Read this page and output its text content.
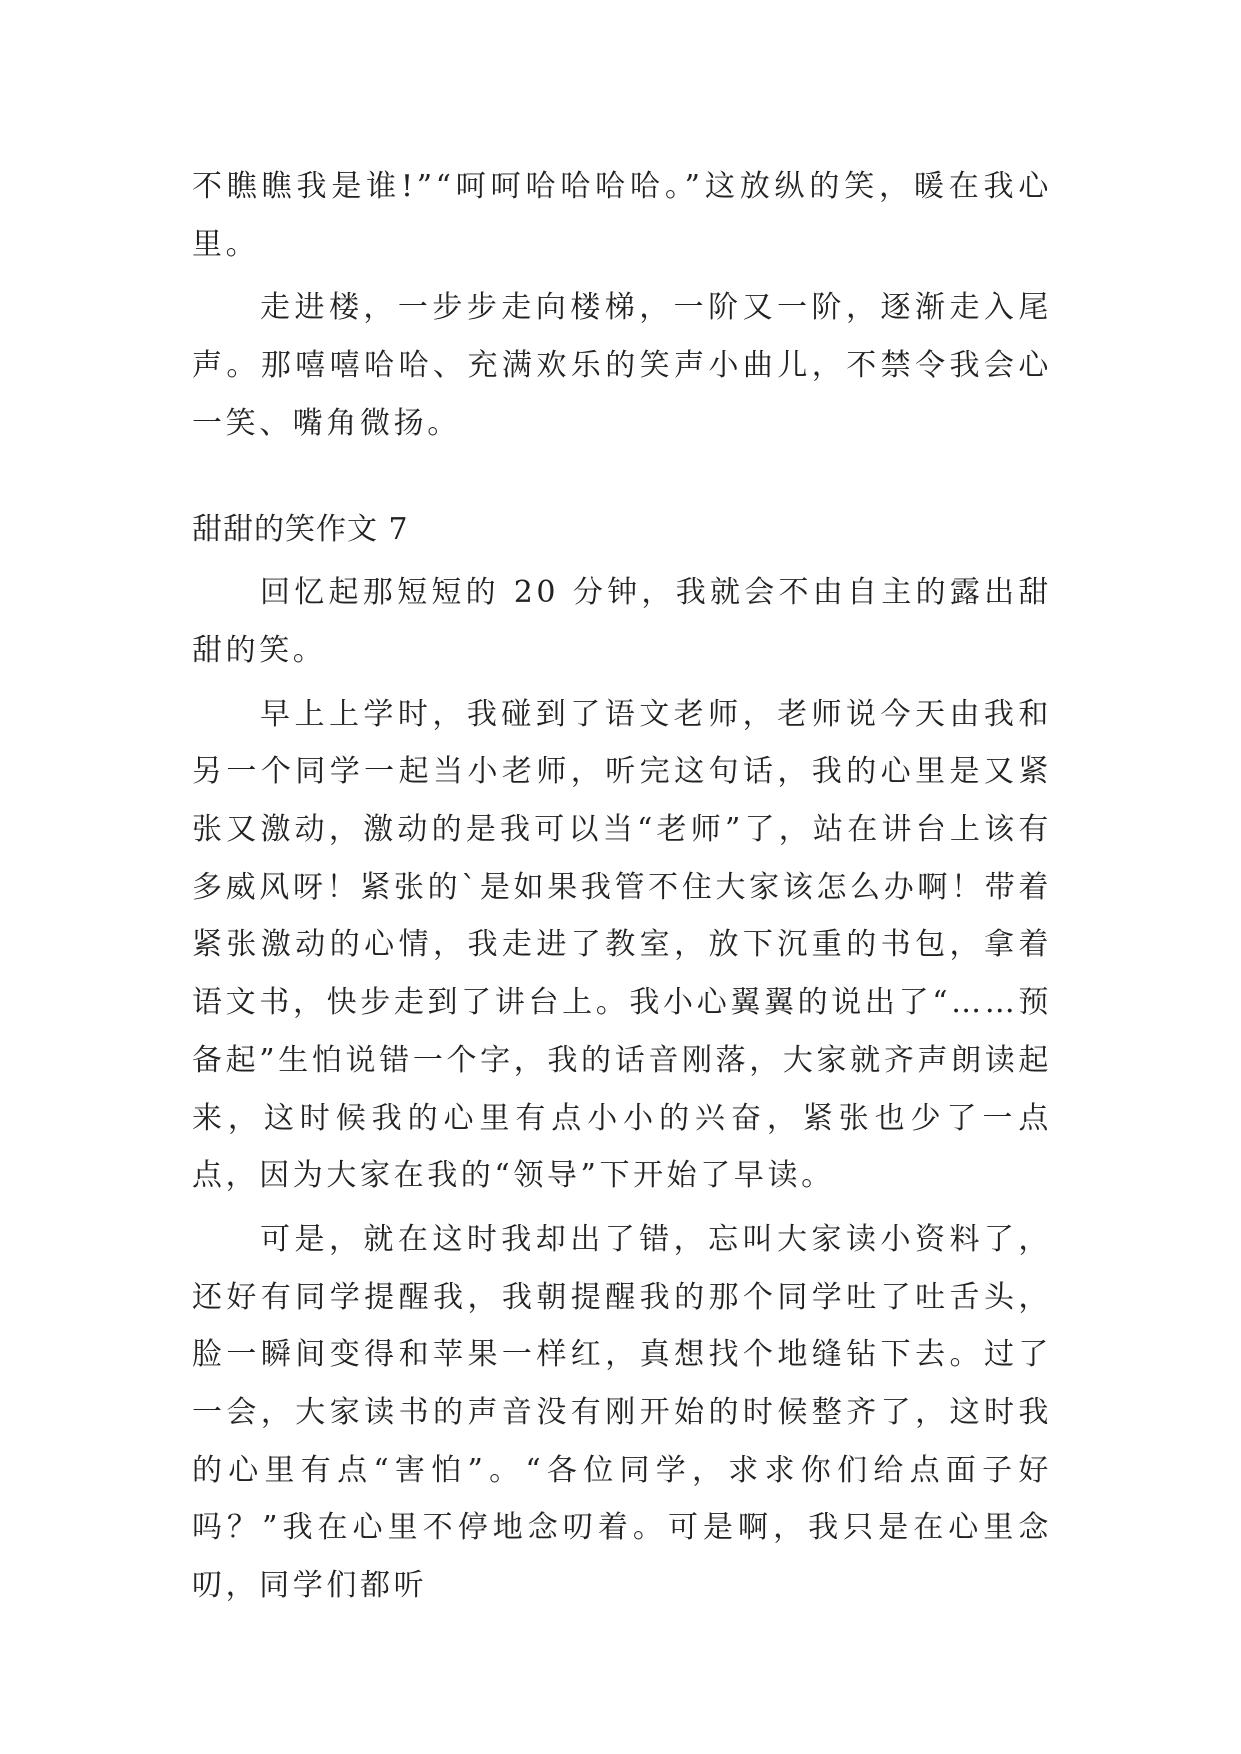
不瞧瞧我是谁!”“呵呵哈哈哈哈。”这放纵的笑，暖在我心里。

走进楼，一步步走向楼梯，一阶又一阶，逐渐走入尾声。那嘻嘻哈哈、充满欢乐的笑声小曲儿，不禁令我会心一笑、嘴角微扬。

甜甜的笑作文 7

回忆起那短短的 20 分钟，我就会不由自主的露出甜甜的笑。

早上上学时，我碰到了语文老师，老师说今天由我和另一个同学一起当小老师，听完这句话，我的心里是又紧张又激动，激动的是我可以当“老师”了，站在讲台上该有多威风呀！紧张的`是如果我管不住大家该怎么办啊！带着紧张激动的心情，我走进了教室，放下沉重的书包，拿着语文书，快步走到了讲台上。我小心翼翼的说出了“……预备起”生怕说错一个字，我的话音刚落，大家就齐声朗读起来，这时候我的心里有点小小的兴奋，紧张也少了一点点，因为大家在我的“领导”下开始了早读。

可是，就在这时我却出了错，忘叫大家读小资料了，还好有同学提醒我，我朝提醒我的那个同学吐了吐舌头，脸一瞬间变得和苹果一样红，真想找个地缝钻下去。过了一会，大家读书的声音没有刚开始的时候整齐了，这时我的心里有点“害怕”。“各位同学，求求你们给点面子好吗？”我在心里不停地念叨着。可是啊，我只是在心里念叨，同学们都听
